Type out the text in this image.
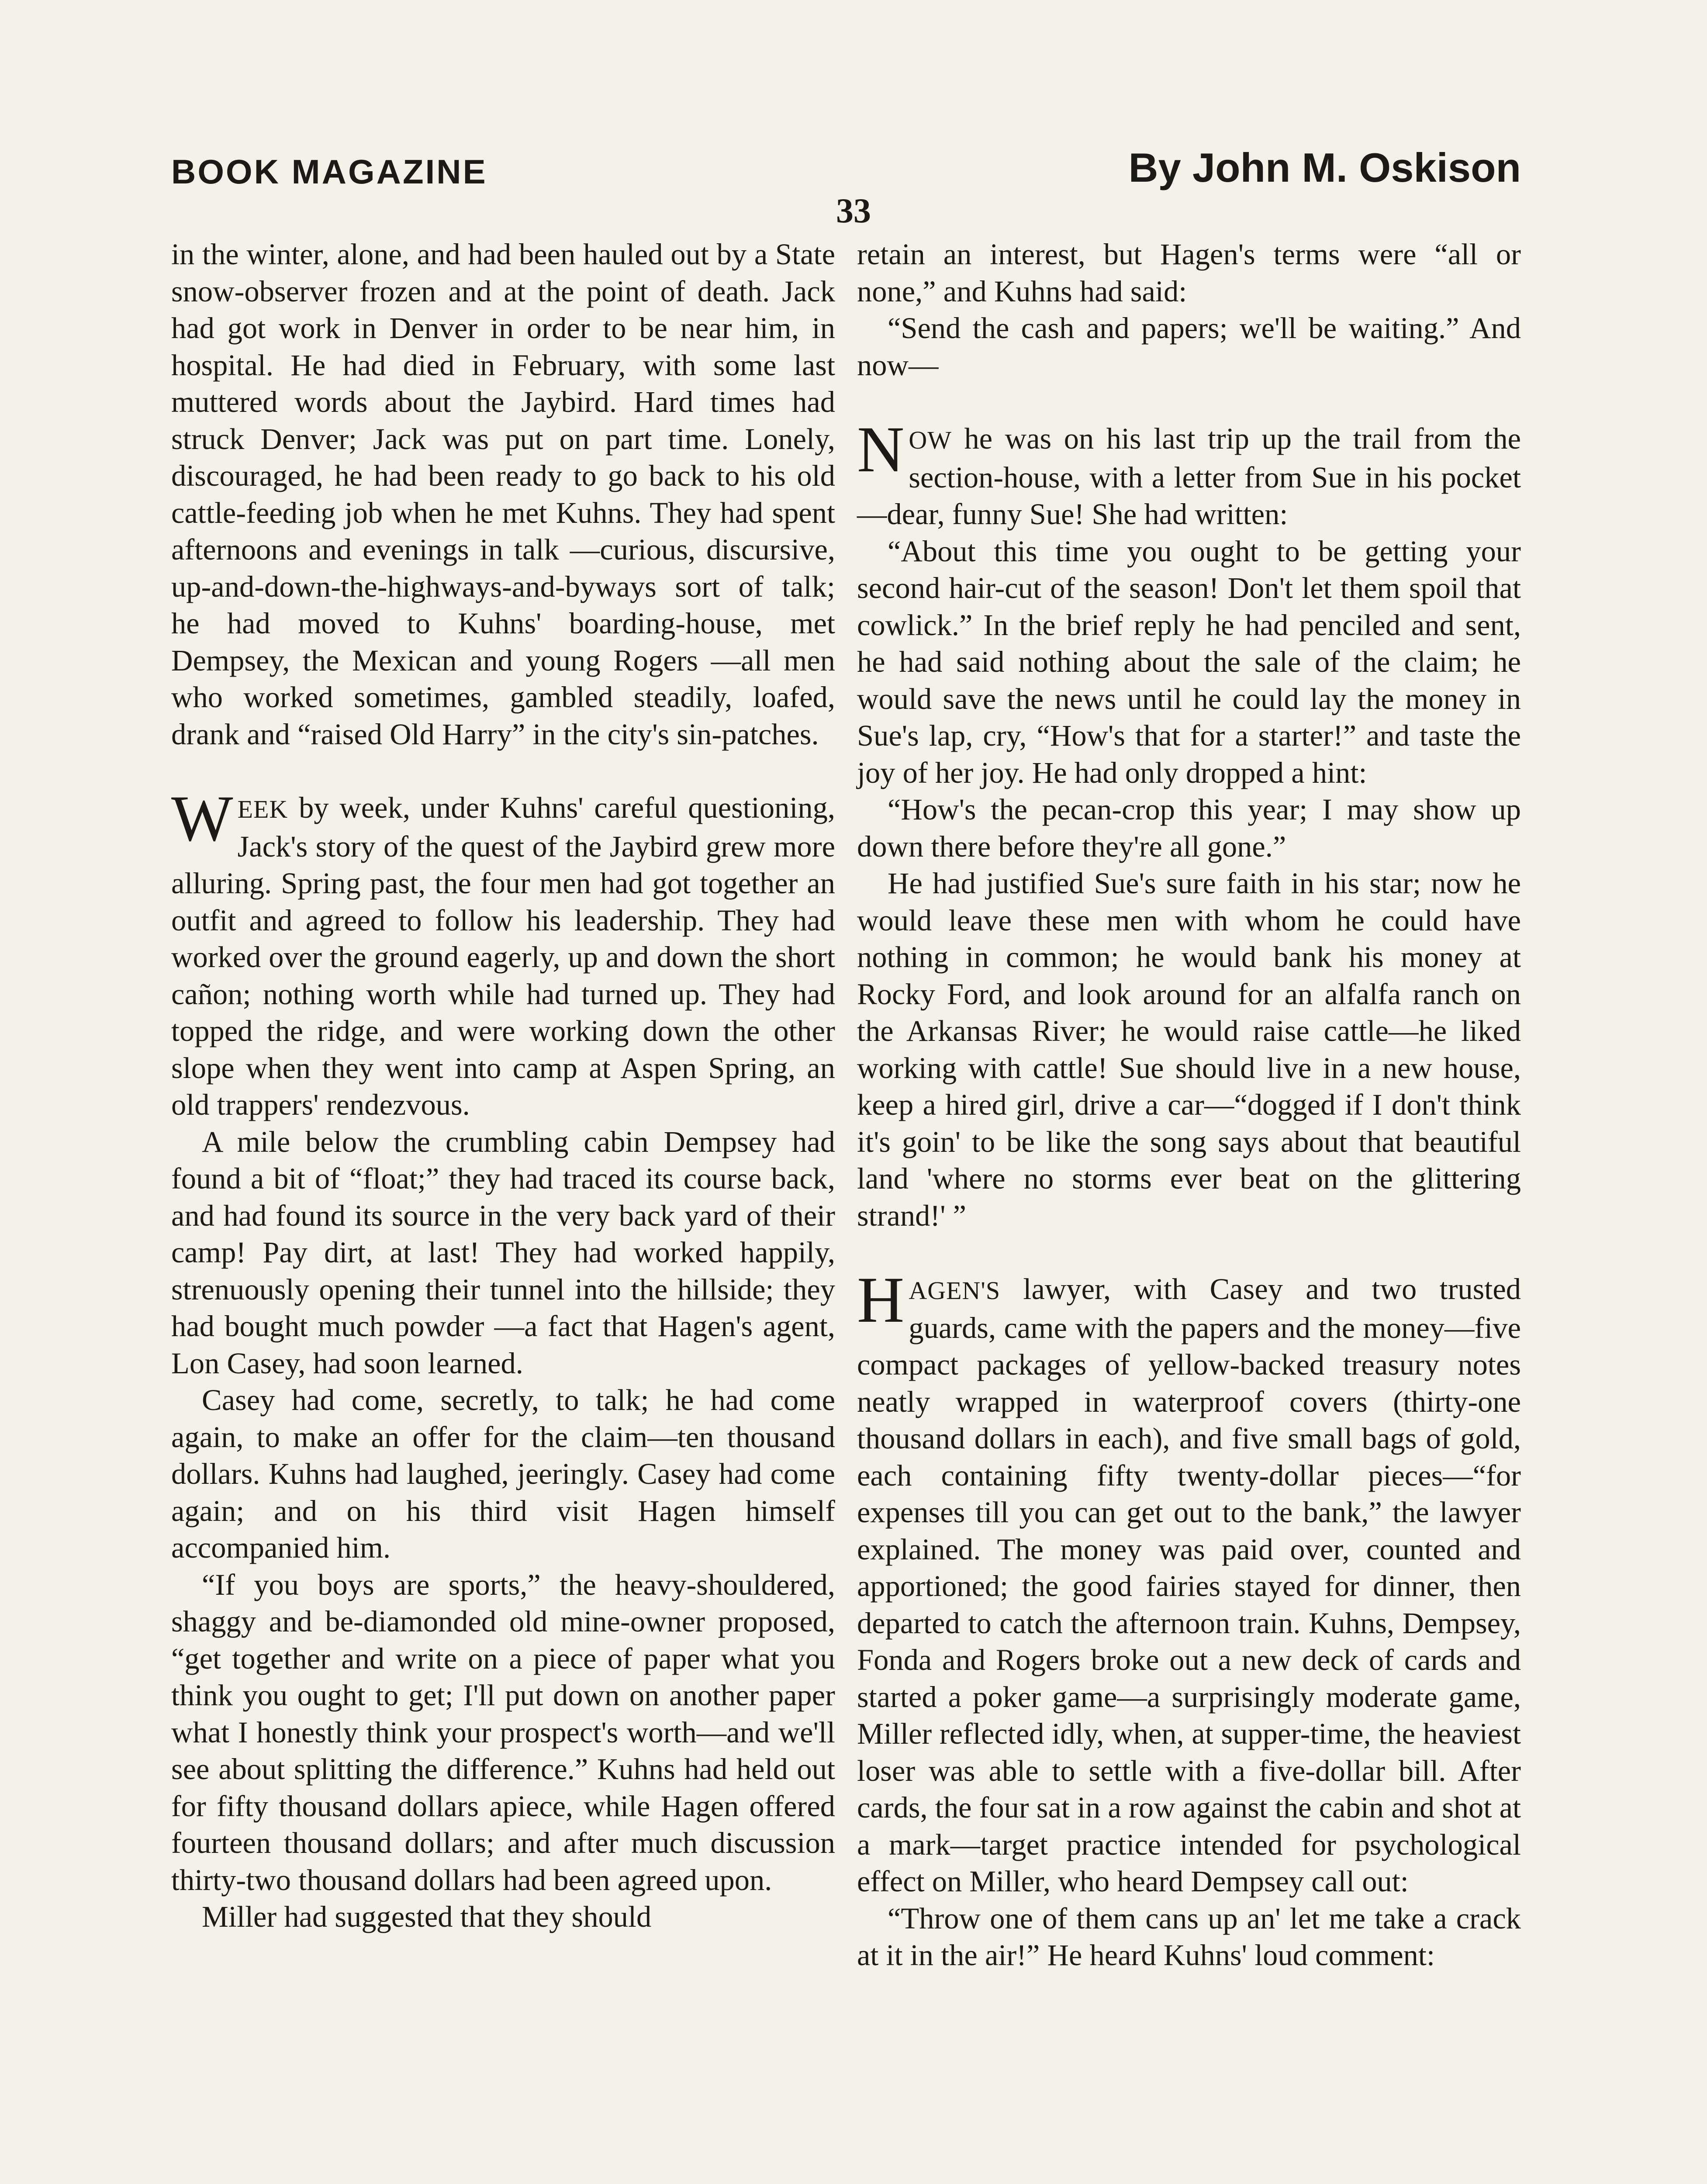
BOOK MAGAZINE	By John M. Oskison
33

in the winter, alone, and had been hauled out by a State snow-observer frozen and at the point of death. Jack had got work in Denver in order to be near him, in hospital. He had died in February, with some last muttered words about the Jaybird. Hard times had struck Denver; Jack was put on part time. Lonely, discouraged, he had been ready to go back to his old cattle-feeding job when he met Kuhns. They had spent afternoons and evenings in talk —curious, discursive, up-and-down-the-highways-and-byways sort of talk; he had moved to Kuhns' boarding-house, met Dempsey, the Mexican and young Rogers —all men who worked sometimes, gambled steadily, loafed, drank and “raised Old Harry” in the city's sin-patches.

WEEK by week, under Kuhns' careful questioning, Jack's story of the quest of the Jaybird grew more alluring. Spring past, the four men had got together an outfit and agreed to follow his leadership. They had worked over the ground eagerly, up and down the short cañon; nothing worth while had turned up. They had topped the ridge, and were working down the other slope when they went into camp at Aspen Spring, an old trappers' rendezvous.

A mile below the crumbling cabin Dempsey had found a bit of “float;” they had traced its course back, and had found its source in the very back yard of their camp! Pay dirt, at last! They had worked happily, strenuously opening their tunnel into the hillside; they had bought much powder —a fact that Hagen's agent, Lon Casey, had soon learned.

Casey had come, secretly, to talk; he had come again, to make an offer for the claim—ten thousand dollars. Kuhns had laughed, jeeringly. Casey had come again; and on his third visit Hagen himself accompanied him.

“If you boys are sports,” the heavy-shouldered, shaggy and be-diamonded old mine-owner proposed, “get together and write on a piece of paper what you think you ought to get; I'll put down on another paper what I honestly think your prospect's worth—and we'll see about splitting the difference.” Kuhns had held out for fifty thousand dollars apiece, while Hagen offered fourteen thousand dollars; and after much discussion thirty-two thousand dollars had been agreed upon.

Miller had suggested that they should

retain an interest, but Hagen's terms were “all or none,” and Kuhns had said:

“Send the cash and papers; we'll be waiting.” And now—

NOW he was on his last trip up the trail from the section-house, with a letter from Sue in his pocket—dear, funny Sue! She had written:

“About this time you ought to be getting your second hair-cut of the season! Don't let them spoil that cowlick.” In the brief reply he had penciled and sent, he had said nothing about the sale of the claim; he would save the news until he could lay the money in Sue's lap, cry, “How's that for a starter!” and taste the joy of her joy. He had only dropped a hint:

“How's the pecan-crop this year; I may show up down there before they're all gone.”

He had justified Sue's sure faith in his star; now he would leave these men with whom he could have nothing in common; he would bank his money at Rocky Ford, and look around for an alfalfa ranch on the Arkansas River; he would raise cattle—he liked working with cattle! Sue should live in a new house, keep a hired girl, drive a car—“dogged if I don't think it's goin' to be like the song says about that beautiful land 'where no storms ever beat on the glittering strand!' ”

HAGEN'S lawyer, with Casey and two trusted guards, came with the papers and the money—five compact packages of yellow-backed treasury notes neatly wrapped in waterproof covers (thirty-one thousand dollars in each), and five small bags of gold, each containing fifty twenty-dollar pieces—“for expenses till you can get out to the bank,” the lawyer explained. The money was paid over, counted and apportioned; the good fairies stayed for dinner, then departed to catch the afternoon train. Kuhns, Dempsey, Fonda and Rogers broke out a new deck of cards and started a poker game—a surprisingly moderate game, Miller reflected idly, when, at supper-time, the heaviest loser was able to settle with a five-dollar bill. After cards, the four sat in a row against the cabin and shot at a mark—target practice intended for psychological effect on Miller, who heard Dempsey call out:

“Throw one of them cans up an' let me take a crack at it in the air!” He heard Kuhns' loud comment:
